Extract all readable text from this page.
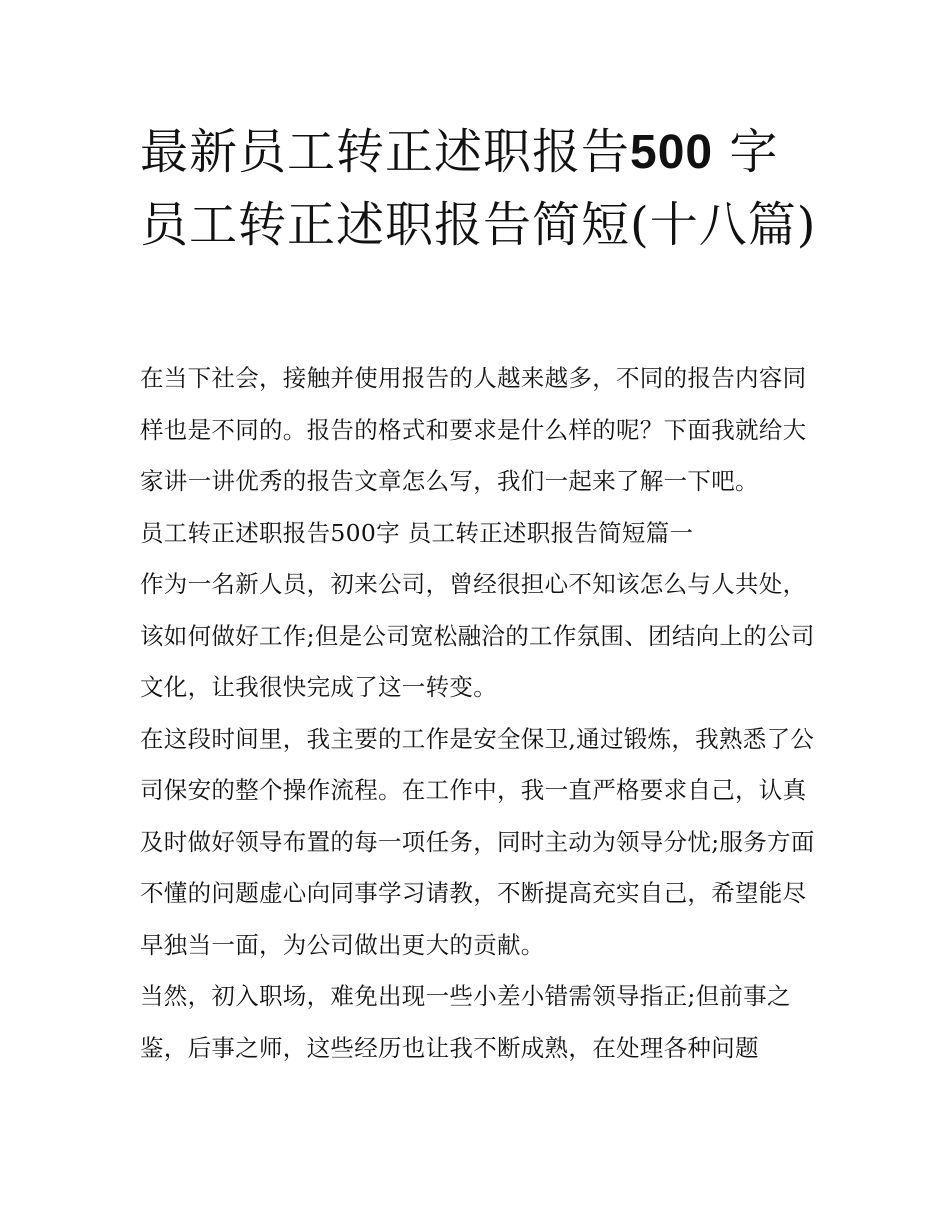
最新员工转正述职报告500 字员工转正述职报告简短(十八篇)

在当下社会，接触并使用报告的人越来越多，不同的报告内容同样也是不同的。报告的格式和要求是什么样的呢？下面我就给大家讲一讲优秀的报告文章怎么写，我们一起来了解一下吧。

员工转正述职报告500字 员工转正述职报告简短篇一

作为一名新人员，初来公司，曾经很担心不知该怎么与人共处，该如何做好工作;但是公司宽松融洽的工作氛围、团结向上的公司文化，让我很快完成了这一转变。

在这段时间里，我主要的工作是安全保卫,通过锻炼，我熟悉了公司保安的整个操作流程。在工作中，我一直严格要求自己，认真及时做好领导布置的每一项任务，同时主动为领导分忧;服务方面不懂的问题虚心向同事学习请教，不断提高充实自己，希望能尽早独当一面，为公司做出更大的贡献。

当然，初入职场，难免出现一些小差小错需领导指正;但前事之鉴，后事之师，这些经历也让我不断成熟，在处理各种问题
